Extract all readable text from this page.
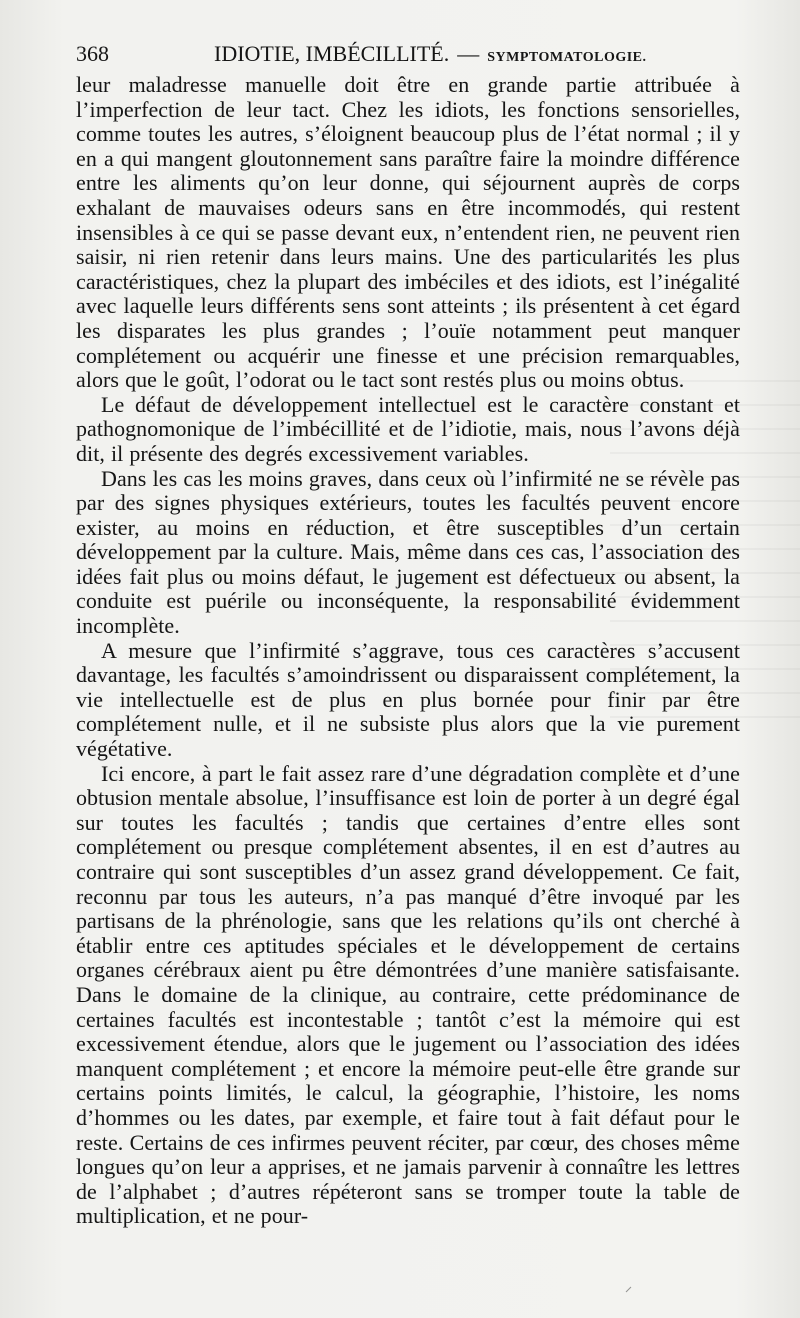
368	IDIOTIE, IMBÉCILLITÉ. — SYMPTOMATOLOGIE.

leur maladresse manuelle doit être en grande partie attribuée à l’imperfection de leur tact. Chez les idiots, les fonctions sensorielles, comme toutes les autres, s’éloignent beaucoup plus de l’état normal ; il y en a qui mangent gloutonnement sans paraître faire la moindre différence entre les aliments qu’on leur donne, qui séjournent auprès de corps exhalant de mauvaises odeurs sans en être incommodés, qui restent insensibles à ce qui se passe devant eux, n’entendent rien, ne peuvent rien saisir, ni rien retenir dans leurs mains. Une des particularités les plus caractéristiques, chez la plupart des imbéciles et des idiots, est l’inégalité avec laquelle leurs différents sens sont atteints ; ils présentent à cet égard les disparates les plus grandes ; l’ouïe notamment peut manquer complétement ou acquérir une finesse et une précision remarquables, alors que le goût, l’odorat ou le tact sont restés plus ou moins obtus.

Le défaut de développement intellectuel est le caractère constant et pathognomonique de l’imbécillité et de l’idiotie, mais, nous l’avons déjà dit, il présente des degrés excessivement variables.

Dans les cas les moins graves, dans ceux où l’infirmité ne se révèle pas par des signes physiques extérieurs, toutes les facultés peuvent encore exister, au moins en réduction, et être susceptibles d’un certain développement par la culture. Mais, même dans ces cas, l’association des idées fait plus ou moins défaut, le jugement est défectueux ou absent, la conduite est puérile ou inconséquente, la responsabilité évidemment incomplète.

A mesure que l’infirmité s’aggrave, tous ces caractères s’accusent davantage, les facultés s’amoindrissent ou disparaissent complétement, la vie intellectuelle est de plus en plus bornée pour finir par être complétement nulle, et il ne subsiste plus alors que la vie purement végétative.

Ici encore, à part le fait assez rare d’une dégradation complète et d’une obtusion mentale absolue, l’insuffisance est loin de porter à un degré égal sur toutes les facultés ; tandis que certaines d’entre elles sont complétement ou presque complétement absentes, il en est d’autres au contraire qui sont susceptibles d’un assez grand développement. Ce fait, reconnu par tous les auteurs, n’a pas manqué d’être invoqué par les partisans de la phrénologie, sans que les relations qu’ils ont cherché à établir entre ces aptitudes spéciales et le développement de certains organes cérébraux aient pu être démontrées d’une manière satisfaisante. Dans le domaine de la clinique, au contraire, cette prédominance de certaines facultés est incontestable ; tantôt c’est la mémoire qui est excessivement étendue, alors que le jugement ou l’association des idées manquent complétement ; et encore la mémoire peut-elle être grande sur certains points limités, le calcul, la géographie, l’histoire, les noms d’hommes ou les dates, par exemple, et faire tout à fait défaut pour le reste. Certains de ces infirmes peuvent réciter, par cœur, des choses même longues qu’on leur a apprises, et ne jamais parvenir à connaître les lettres de l’alphabet ; d’autres répéteront sans se tromper toute la table de multiplication, et ne pour-
